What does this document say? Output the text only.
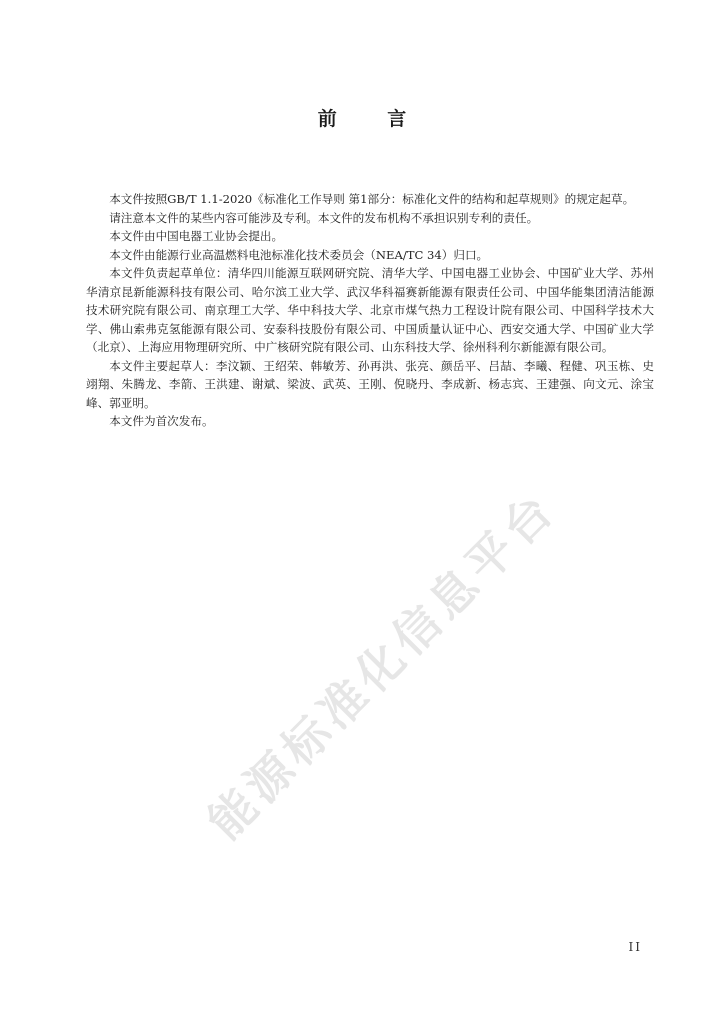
前 言

本文件按照GB/T 1.1-2020《标准化工作导则 第1部分：标准化文件的结构和起草规则》的规定起草。

请注意本文件的某些内容可能涉及专利。本文件的发布机构不承担识别专利的责任。

本文件由中国电器工业协会提出。

本文件由能源行业高温燃料电池标准化技术委员会（NEA/TC 34）归口。

本文件负责起草单位：清华四川能源互联网研究院、清华大学、中国电器工业协会、中国矿业大学、苏州华清京昆新能源科技有限公司、哈尔滨工业大学、武汉华科福赛新能源有限责任公司、中国华能集团清洁能源技术研究院有限公司、南京理工大学、华中科技大学、北京市煤气热力工程设计院有限公司、中国科学技术大学、佛山索弗克氢能源有限公司、安泰科技股份有限公司、中国质量认证中心、西安交通大学、中国矿业大学（北京）、上海应用物理研究所、中广核研究院有限公司、山东科技大学、徐州科利尔新能源有限公司。

本文件主要起草人：李汶颖、王绍荣、韩敏芳、孙再洪、张亮、颜岳平、吕喆、李曦、程健、巩玉栋、史翊翔、朱腾龙、李箭、王洪建、谢斌、梁波、武英、王刚、倪晓丹、李成新、杨志宾、王建强、向文元、涂宝峰、郭亚明。

本文件为首次发布。

能源标准化信息平台
II
